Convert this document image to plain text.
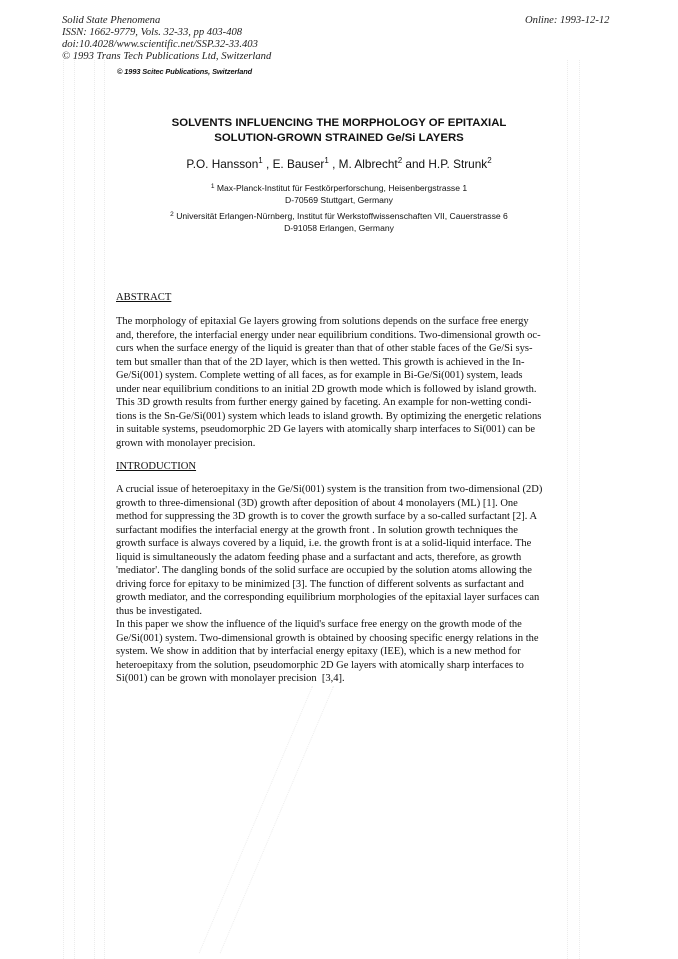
Solid State Phenomena
ISSN: 1662-9779, Vols. 32-33, pp 403-408
doi:10.4028/www.scientific.net/SSP.32-33.403
© 1993 Trans Tech Publications Ltd, Switzerland
Online: 1993-12-12
© 1993 Scitec Publications, Switzerland
SOLVENTS INFLUENCING THE MORPHOLOGY OF EPITAXIAL
SOLUTION-GROWN STRAINED Ge/Si LAYERS
P.O. Hansson$^1$ , E. Bauser$^1$ , M. Albrecht$^2$ and H.P. Strunk$^2$
$^1$ Max-Planck-Institut für Festkörperforschung, Heisenbergstrasse 1
D-70569 Stuttgart, Germany
$^2$ Universität Erlangen-Nürnberg, Institut für Werkstoffwissenschaften VII, Cauerstrasse 6
D-91058 Erlangen, Germany
ABSTRACT
The morphology of epitaxial Ge layers growing from solutions depends on the surface free energy
and, therefore, the interfacial energy under near equilibrium conditions. Two-dimensional growth oc-
curs when the surface energy of the liquid is greater than that of other stable faces of the Ge/Si sys-
tem but smaller than that of the 2D layer, which is then wetted. This growth is achieved in the In-
Ge/Si(001) system. Complete wetting of all faces, as for example in Bi-Ge/Si(001) system, leads
under near equilibrium conditions to an initial 2D growth mode which is followed by island growth.
This 3D growth results from further energy gained by faceting. An example for non-wetting condi-
tions is the Sn-Ge/Si(001) system which leads to island growth. By optimizing the energetic relations
in suitable systems, pseudomorphic 2D Ge layers with atomically sharp interfaces to Si(001) can be
grown with monolayer precision.
INTRODUCTION
A crucial issue of heteroepitaxy in the Ge/Si(001) system is the transition from two-dimensional (2D)
growth to three-dimensional (3D) growth after deposition of about 4 monolayers (ML) [1]. One
method for suppressing the 3D growth is to cover the growth surface by a so-called surfactant [2]. A
surfactant modifies the interfacial energy at the growth front . In solution growth techniques the
growth surface is always covered by a liquid, i.e. the growth front is at a solid-liquid interface. The
liquid is simultaneously the adatom feeding phase and a surfactant and acts, therefore, as growth
'mediator'. The dangling bonds of the solid surface are occupied by the solution atoms allowing the
driving force for epitaxy to be minimized [3]. The function of different solvents as surfactant and
growth mediator, and the corresponding equilibrium morphologies of the epitaxial layer surfaces can
thus be investigated.
In this paper we show the influence of the liquid's surface free energy on the growth mode of the
Ge/Si(001) system. Two-dimensional growth is obtained by choosing specific energy relations in the
system. We show in addition that by interfacial energy epitaxy (IEE), which is a new method for
heteroepitaxy from the solution, pseudomorphic 2D Ge layers with atomically sharp interfaces to
Si(001) can be grown with monolayer precision  [3,4].
